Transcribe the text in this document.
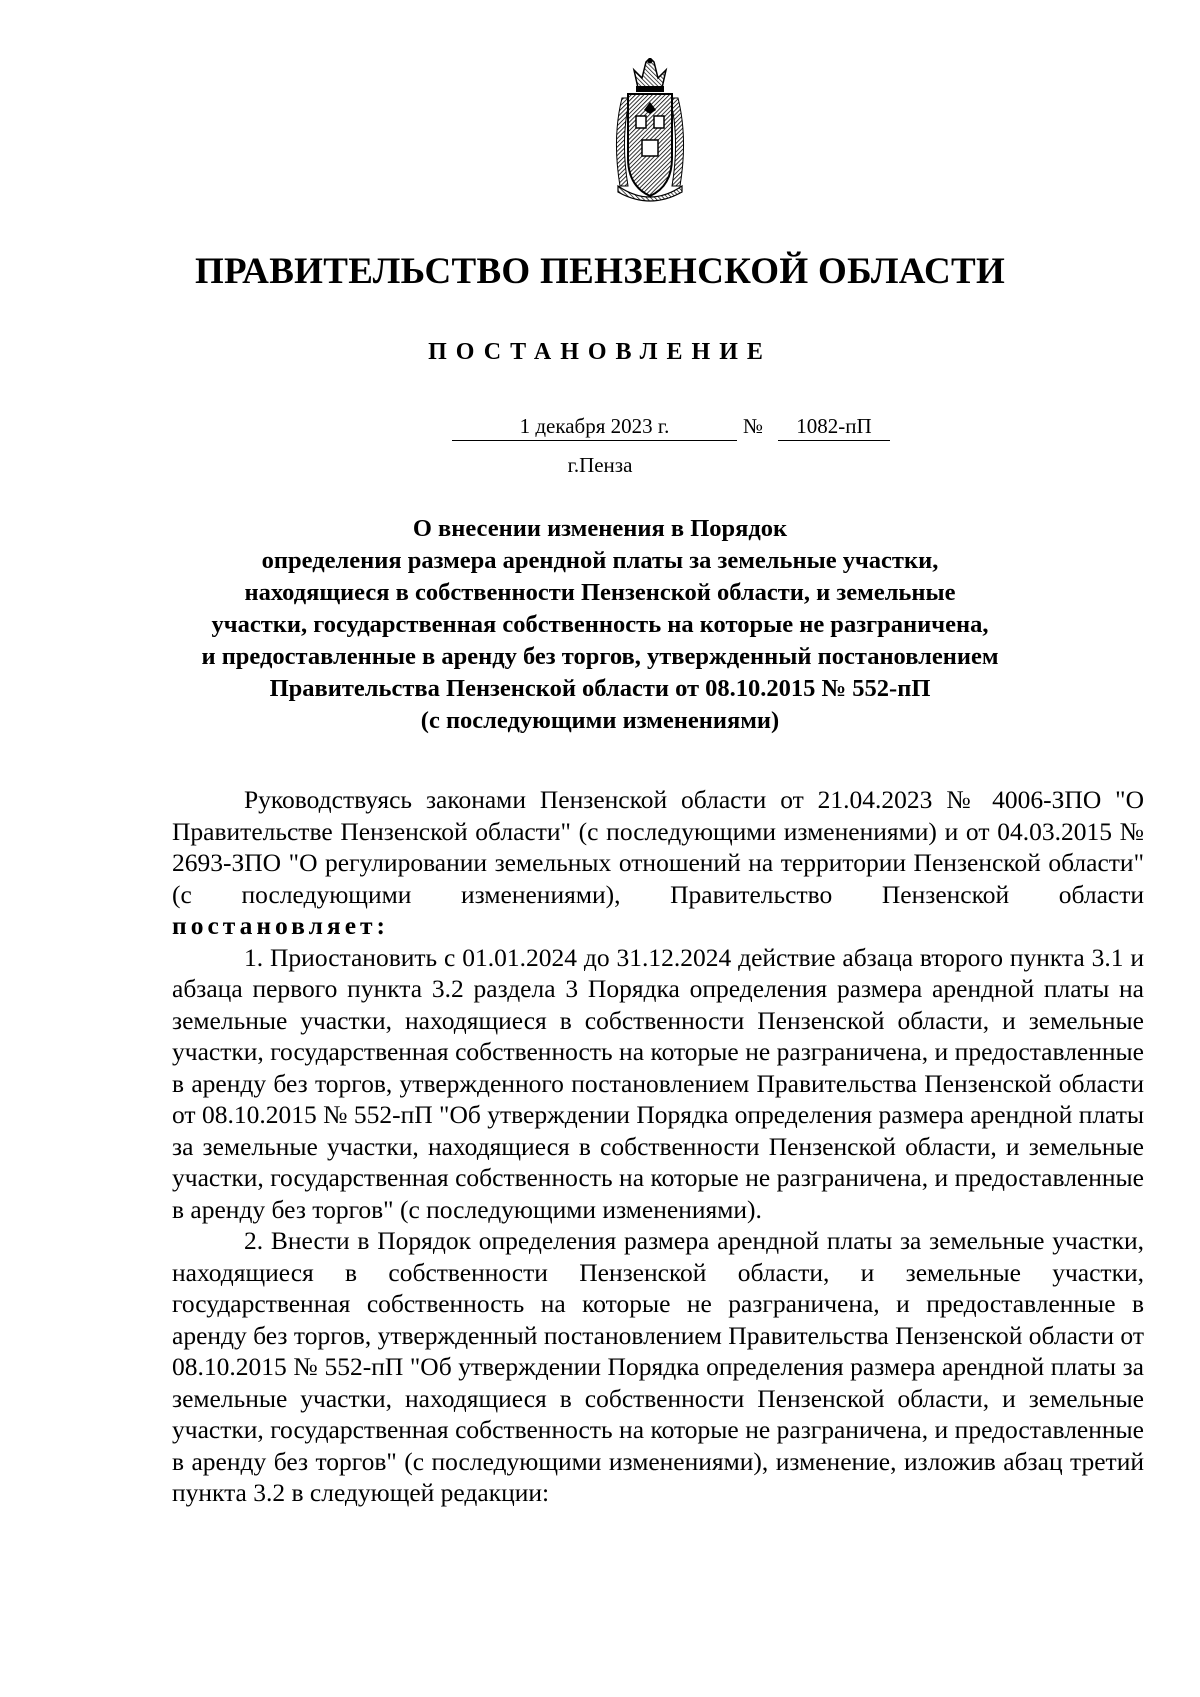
ПРАВИТЕЛЬСТВО ПЕНЗЕНСКОЙ ОБЛАСТИ
ПОСТАНОВЛЕНИЕ
1 декабря 2023 г.	№	1082-пП
г.Пенза
О внесении изменения в Порядок
определения размера арендной платы за земельные участки,
находящиеся в собственности Пензенской области, и земельные
участки, государственная собственность на которые не разграничена,
и предоставленные в аренду без торгов, утвержденный постановлением
Правительства Пензенской области от 08.10.2015 № 552-пП
(с последующими изменениями)

Руководствуясь законами Пензенской области от 21.04.2023 № 4006-ЗПО "О Правительстве Пензенской области" (с последующими изменениями) и от 04.03.2015 № 2693-ЗПО "О регулировании земельных отношений на территории Пензенской области" (с последующими изменениями), Правительство Пензенской области постановляет:

1. Приостановить с 01.01.2024 до 31.12.2024 действие абзаца второго пункта 3.1 и абзаца первого пункта 3.2 раздела 3 Порядка определения размера арендной платы на земельные участки, находящиеся в собственности Пензенской области, и земельные участки, государственная собственность на которые не разграничена, и предоставленные в аренду без торгов, утвержденного постановлением Правительства Пензенской области от 08.10.2015 № 552-пП "Об утверждении Порядка определения размера арендной платы за земельные участки, находящиеся в собственности Пензенской области, и земельные участки, государственная собственность на которые не разграничена, и предоставленные в аренду без торгов" (с последующими изменениями).

2. Внести в Порядок определения размера арендной платы за земельные участки, находящиеся в собственности Пензенской области, и земельные участки, государственная собственность на которые не разграничена, и предоставленные в аренду без торгов, утвержденный постановлением Правительства Пензенской области от 08.10.2015 № 552-пП "Об утверждении Порядка определения размера арендной платы за земельные участки, находящиеся в собственности Пензенской области, и земельные участки, государственная собственность на которые не разграничена, и предоставленные в аренду без торгов" (с последующими изменениями), изменение, изложив абзац третий пункта 3.2 в следующей редакции:
